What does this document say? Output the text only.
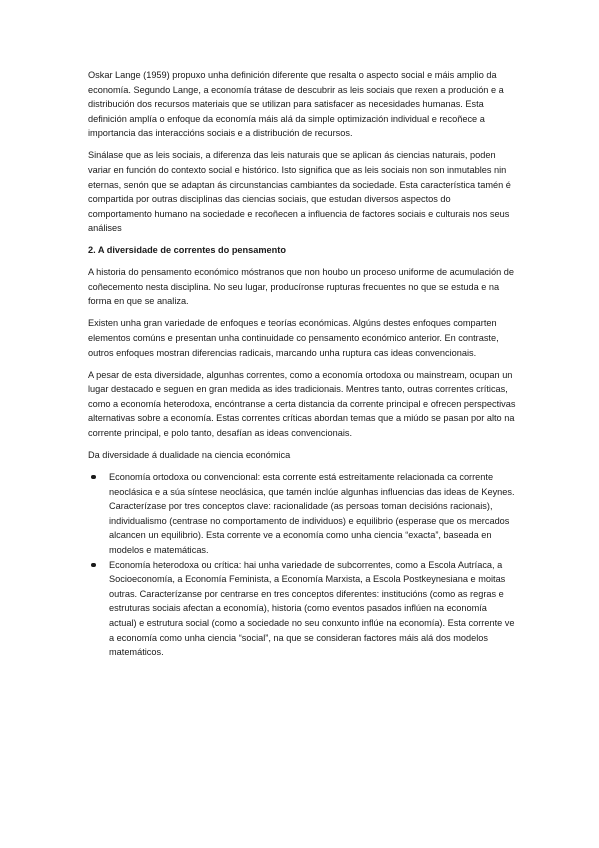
Oskar Lange (1959) propuxo unha definición diferente que resalta o aspecto social e máis amplio da economía. Segundo Lange, a economía trátase de descubrir as leis sociais que rexen a produción e a distribución dos recursos materiais que se utilizan para satisfacer as necesidades humanas. Esta definición amplía o enfoque da economía máis alá da simple optimización individual e recoñece a importancia das interaccións sociais e a distribución de recursos.

Sinálase que as leis sociais, a diferenza das leis naturais que se aplican ás ciencias naturais, poden variar en función do contexto social e histórico. Isto significa que as leis sociais non son inmutables nin eternas, senón que se adaptan ás circunstancias cambiantes da sociedade. Esta característica tamén é compartida por outras disciplinas das ciencias sociais, que estudan diversos aspectos do comportamento humano na sociedade e recoñecen a influencia de factores sociais e culturais nos seus análises

2. A diversidade de correntes do pensamento

A historia do pensamento económico móstranos que non houbo un proceso uniforme de acumulación de coñecemento nesta disciplina. No seu lugar, producíronse rupturas frecuentes no que se estuda e na forma en que se analiza.

Existen unha gran variedade de enfoques e teorías económicas. Algúns destes enfoques comparten elementos comúns e presentan unha continuidade co pensamento económico anterior. En contraste, outros enfoques mostran diferencias radicais, marcando unha ruptura cas ideas convencionais.

A pesar de esta diversidade, algunhas correntes, como a economía ortodoxa ou mainstream, ocupan un lugar destacado e seguen en gran medida as ides tradicionais. Mentres tanto, outras correntes críticas, como a economía heterodoxa, encóntranse a certa distancia da corrente principal e ofrecen perspectivas alternativas sobre a economía. Estas correntes críticas abordan temas que a miúdo se pasan por alto na corrente principal, e polo tanto, desafían as ideas convencionais.

Da diversidade á dualidade na ciencia económica

Economía ortodoxa ou convencional: esta corrente está estreitamente relacionada ca corrente neoclásica e a súa síntese neoclásica, que tamén inclúe algunhas influencias das ideas de Keynes. Caracterízase por tres conceptos clave: racionalidade (as persoas toman decisións racionais), individualismo (centrase no comportamento de individuos) e equilibrio (esperase que os mercados alcancen un equilibrio). Esta corrente ve a economía como unha ciencia “exacta”, baseada en modelos e matemáticas.
Economía heterodoxa ou crítica: hai unha variedade de subcorrentes, como a Escola Autríaca, a Socioeconomía, a Economía Feminista, a Economía Marxista, a Escola Postkeynesiana e moitas outras. Caracterízanse por centrarse en tres conceptos diferentes: institucións (como as regras e estruturas sociais afectan a economía), historia (como eventos pasados inflúen na economía actual) e estrutura social (como a sociedade no seu conxunto inflúe na economía). Esta corrente ve a economía como unha ciencia “social”, na que se consideran factores máis alá dos modelos matemáticos.
